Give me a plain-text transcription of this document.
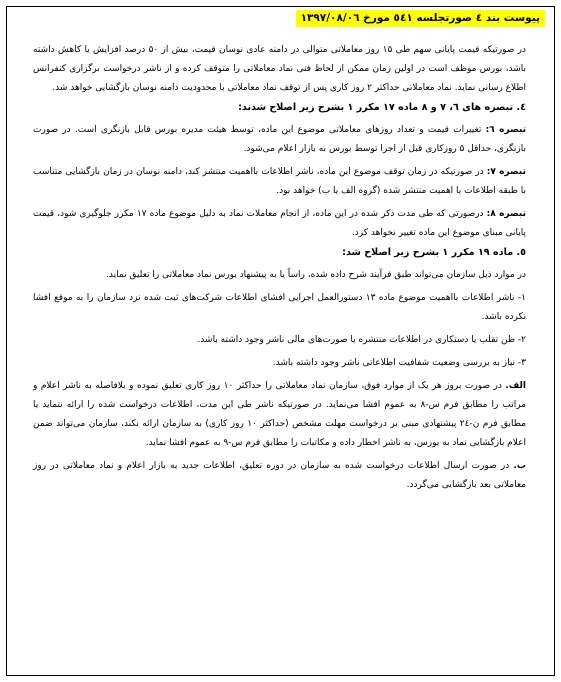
پیوست بند ٤ صورتجلسه ٥٤١ مورخ ١٣٩٧/٠٨/٠٦

در صورتیکه قیمت پایانی سهم طی ۱۵ روز معاملاتی متوالی در دامنه عادی نوسان قیمت، بیش از ۵۰ درصد افزایش یا کاهش داشته باشد، بورس موظف است در اولین زمان ممکن از لحاظ فنی نماد معاملاتی را متوقف کرده و از ناشر درخواست برگزاری کنفرانس اطلاع رسانی نماید. نماد معاملاتی حداکثر ۲ روز کاری پس از توقف نماد معاملاتی با محدودیت دامنه نوسان بازگشایی خواهد شد.

٤. تبصره های ٦، ٧ و ٨ ماده ١٧ مکرر ١ بشرح زیر اصلاح شدند:

تبصره ٦: تغییرات قیمت و تعداد روزهای معاملاتی موضوع این ماده، توسط هیئت مدیره بورس قابل بازنگری است. در صورت بازنگری، حداقل ۵ روزکاری قبل از اجرا توسط بورس به بازار اعلام می‌شود.

تبصره ٧: در صورتیکه در زمان توقف موضوع این ماده، ناشر اطلاعات بااهمیت منتشر کند، دامنه نوسان در زمان بازگشایی متناسب با طبقه اطلاعات با اهمیت منتشر شده (گروه الف یا ب) خواهد بود.

تبصره ٨: درصورتی که طی مدت ذکر شده در این ماده، از انجام معاملات نماد به دلیل موضوع ماده ١٧ مکرر جلوگیری شود، قیمت پایانی مبنای موضوع این ماده تغییر نخواهد کرد.

٥. ماده ١٩ مکرر ١ بشرح زیر اصلاح شد:

در موارد ذیل سازمان می‌تواند طبق فرآیند شرح داده شده، راساً یا به پیشنهاد بورس نماد معاملاتی را تعلیق نماید.

۱- ناشر اطلاعات بااهمیت موضوع ماده ۱۳ دستورالعمل اجرایی افشای اطلاعات شرکت‌های ثبت شده نزد سازمان را به موقع افشا نکرده باشد.

۲- ظن تقلب یا دستکاری در اطلاعات منتشره یا صورت‌های مالی ناشر وجود داشته باشد.

۳- نیاز به بررسی وضعیت شفافیت اطلاعاتی ناشر وجود داشته باشد.

الف. در صورت بروز هر یک از موارد فوق، سازمان نماد معاملاتی را حداکثر ١٠ روز کاری تعلیق نموده و بلافاصله به ناشر اعلام و مراتب را مطابق فرم س-٨ به عموم افشا می‌نماید. در صورتیکه ناشر طی این مدت، اطلاعات درخواست شده را ارائه ننماید یا مطابق فرم ن-٢٤ پیشنهادی مبنی بر درخواست مهلت مشخص (حداکثر ١٠ روز کاری) به سازمان ارائه نکند، سازمان می‌تواند ضمن اعلام بازگشایی نماد به بورس، به ناشر اخطار داده و مکاتبات را مطابق فرم س-٩ به عموم افشا نماید.

ب. در صورت ارسال اطلاعات درخواست شده به سازمان در دوره تعلیق، اطلاعات جدید به بازار اعلام و نماد معاملاتی در روز معاملاتی بعد بازگشایی می‌گردد.
